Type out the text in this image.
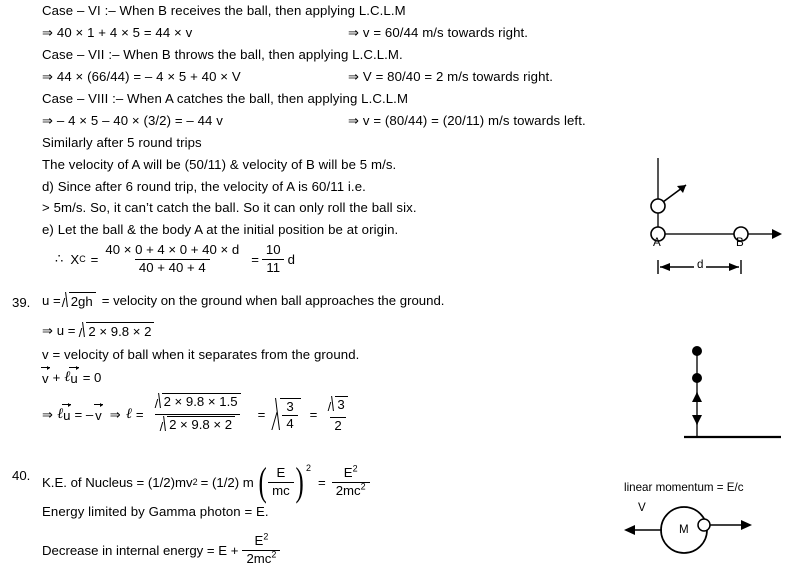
Case – VI :– When B receives the ball, then applying L.C.L.M
⇒ 40 × 1 + 4 × 5 = 44 × v	⇒ v = 60/44 m/s towards right.
Case – VII :– When B throws the ball, then applying L.C.L.M.
⇒ 44 × (66/44) = – 4 × 5 + 40 × V	⇒ V = 80/40 = 2 m/s towards right.
Case – VIII :– When A catches the ball, then applying L.C.L.M
⇒ – 4 × 5 – 40 × (3/2) = – 44 v	⇒ v = (80/44) = (20/11) m/s towards left.
Similarly after 5 round trips
The velocity of A will be (50/11) & velocity of B will be 5 m/s.
d) Since after 6 round trip, the velocity of A is 60/11 i.e.
> 5m/s. So, it can’t catch the ball. So it can only roll the ball six.
e) Let the ball & the body A at the initial position be at origin.
∴ X $C = \frac{40 \times 0 + 4 \times 0 + 40 \times d}{40 + 40 + 4} = \frac{10}{11}$ d
39. u = 2gh = velocity on the ground when ball approaches the ground.
⇒ u = 2 × 9.8 × 2
v = velocity of ball when it separates from the ground.
v + ℓ u = 0
⇒ ℓ u = – v ⇒ ℓ = $\frac{2 \times 9.8 \times 1.5}{2 \times 9.8 \times 2} = \frac{3}{4} = \frac{3}{2}$
40. K.E. of Nucleus = (1/2)mv 2 = (1/2) m ( $\frac{E}{mc}$ ) 2
= $\frac{E^2}{2mc^2}$
Energy limited by Gamma photon = E.
Decrease in internal energy = $E + \frac{E^2}{2mc^2}$
A	B
d
linear momentum = E/c
V
M
